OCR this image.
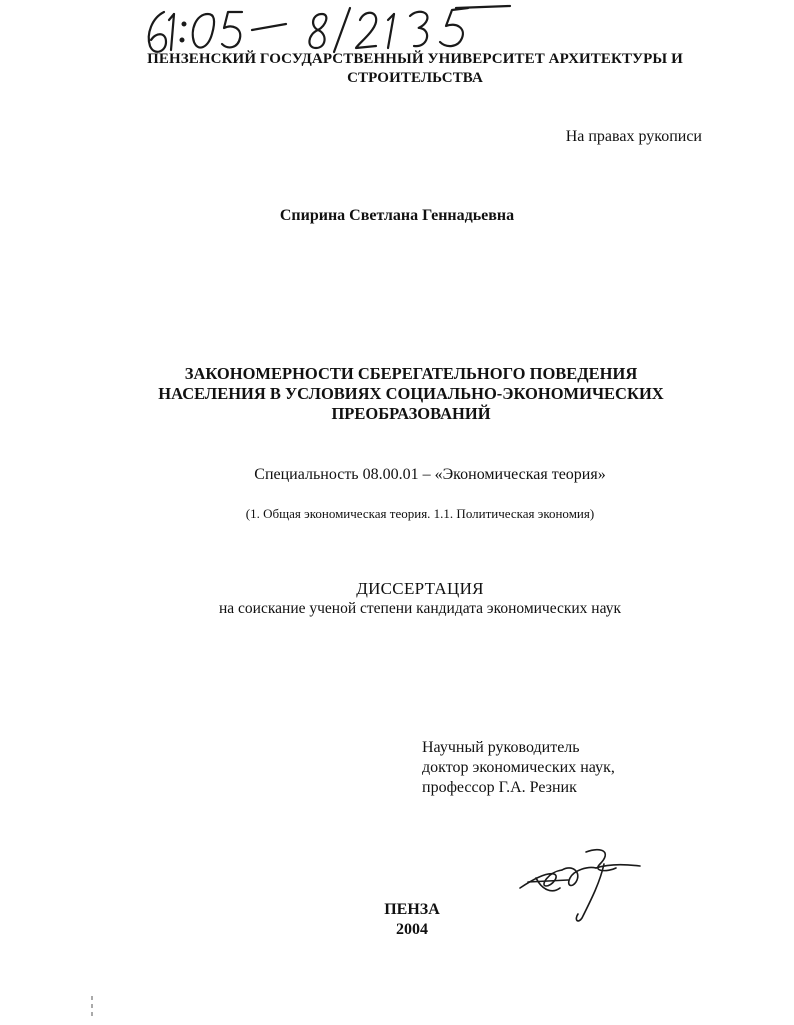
ПЕНЗЕНСКИЙ ГОСУДАРСТВЕННЫЙ УНИВЕРСИТЕТ АРХИТЕКТУРЫ И СТРОИТЕЛЬСТВА
На правах рукописи
Спирина Светлана Геннадьевна
ЗАКОНОМЕРНОСТИ СБЕРЕГАТЕЛЬНОГО ПОВЕДЕНИЯ
НАСЕЛЕНИЯ В УСЛОВИЯХ СОЦИАЛЬНО-ЭКОНОМИЧЕСКИХ
ПРЕОБРАЗОВАНИЙ
Специальность 08.00.01 – «Экономическая теория»
(1. Общая экономическая теория. 1.1. Политическая экономия)
ДИССЕРТАЦИЯ
на соискание ученой степени кандидата экономических наук
Научный руководитель
доктор экономических наук,
профессор Г.А. Резник
ПЕНЗА
2004
